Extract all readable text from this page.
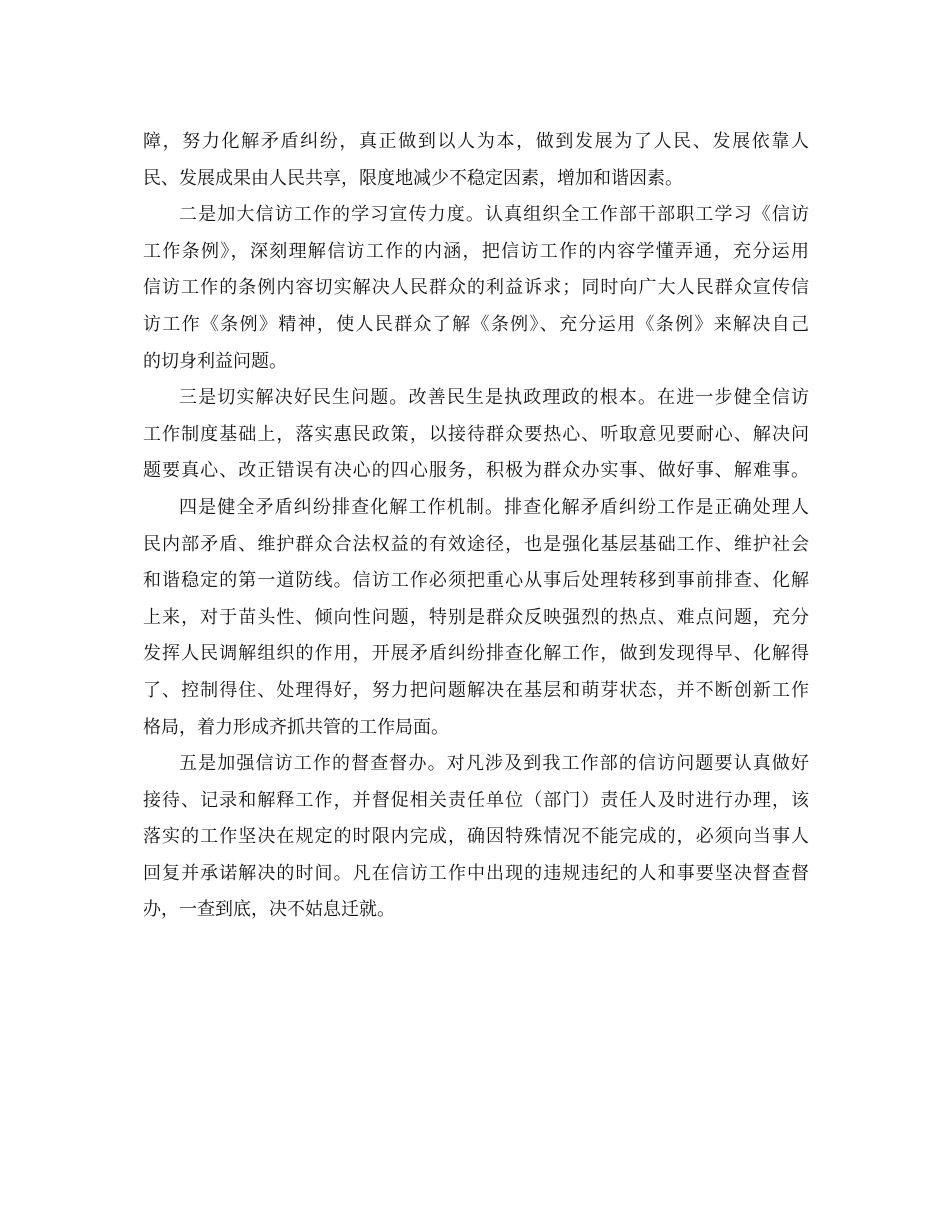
障，努力化解矛盾纠纷，真正做到以人为本，做到发展为了人民、发展依靠人
民、发展成果由人民共享，限度地减少不稳定因素，增加和谐因素。
二是加大信访工作的学习宣传力度。认真组织全工作部干部职工学习《信访
工作条例》，深刻理解信访工作的内涵，把信访工作的内容学懂弄通，充分运用
信访工作的条例内容切实解决人民群众的利益诉求；同时向广大人民群众宣传信
访工作《条例》精神，使人民群众了解《条例》、充分运用《条例》来解决自己
的切身利益问题。
三是切实解决好民生问题。改善民生是执政理政的根本。在进一步健全信访
工作制度基础上，落实惠民政策，以接待群众要热心、听取意见要耐心、解决问
题要真心、改正错误有决心的四心服务，积极为群众办实事、做好事、解难事。
四是健全矛盾纠纷排查化解工作机制。排查化解矛盾纠纷工作是正确处理人
民内部矛盾、维护群众合法权益的有效途径，也是强化基层基础工作、维护社会
和谐稳定的第一道防线。信访工作必须把重心从事后处理转移到事前排查、化解
上来，对于苗头性、倾向性问题，特别是群众反映强烈的热点、难点问题，充分
发挥人民调解组织的作用，开展矛盾纠纷排查化解工作，做到发现得早、化解得
了、控制得住、处理得好，努力把问题解决在基层和萌芽状态，并不断创新工作
格局，着力形成齐抓共管的工作局面。
五是加强信访工作的督查督办。对凡涉及到我工作部的信访问题要认真做好
接待、记录和解释工作，并督促相关责任单位（部门）责任人及时进行办理，该
落实的工作坚决在规定的时限内完成，确因特殊情况不能完成的，必须向当事人
回复并承诺解决的时间。凡在信访工作中出现的违规违纪的人和事要坚决督查督
办，一查到底，决不姑息迁就。
